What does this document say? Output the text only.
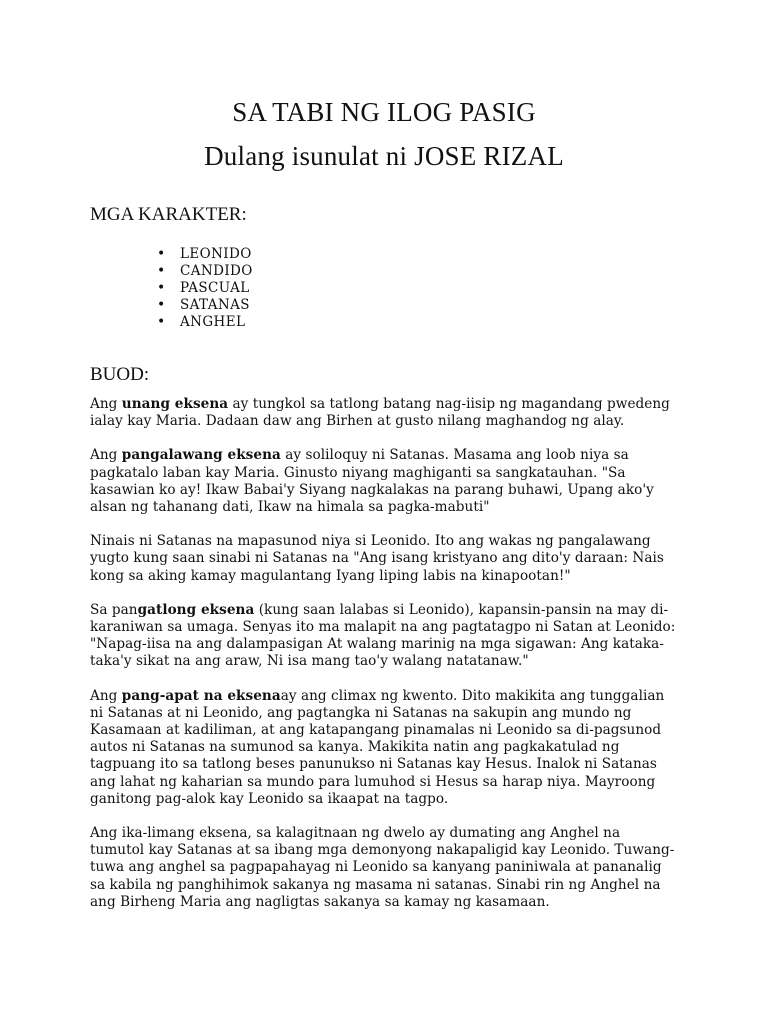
SA TABI NG ILOG PASIG
Dulang isunulat ni JOSE RIZAL
MGA KARAKTER:
• LEONIDO
• CANDIDO
• PASCUAL
• SATANAS
• ANGHEL
BUOD:

Ang unang eksena ay tungkol sa tatlong batang nag-iisip ng magandang pwedeng ialay kay Maria. Dadaan daw ang Birhen at gusto nilang maghandog ng alay.

Ang pangalawang eksena ay soliloquy ni Satanas. Masama ang loob niya sa pagkatalo laban kay Maria. Ginusto niyang maghiganti sa sangkatauhan. "Sa kasawian ko ay! Ikaw Babai'y Siyang nagkalakas na parang buhawi, Upang ako'y alsan ng tahanang dati, Ikaw na himala sa pagka-mabuti"

Ninais ni Satanas na mapasunod niya si Leonido. Ito ang wakas ng pangalawang yugto kung saan sinabi ni Satanas na "Ang isang kristyano ang dito'y daraan: Nais kong sa aking kamay magulantang Iyang liping labis na kinapootan!"

Sa pangatlong eksena (kung saan lalabas si Leonido), kapansin-pansin na may di-karaniwan sa umaga. Senyas ito ma malapit na ang pagtatagpo ni Satan at Leonido: "Napag-iisa na ang dalampasigan At walang marinig na mga sigawan: Ang kataka-taka'y sikat na ang araw, Ni isa mang tao'y walang natatanaw."

Ang pang-apat na eksenaay ang climax ng kwento. Dito makikita ang tunggalian ni Satanas at ni Leonido, ang pagtangka ni Satanas na sakupin ang mundo ng Kasamaan at kadiliman, at ang katapangang pinamalas ni Leonido sa di-pagsunod autos ni Satanas na sumunod sa kanya. Makikita natin ang pagkakatulad ng tagpuang ito sa tatlong beses panunukso ni Satanas kay Hesus. Inalok ni Satanas ang lahat ng kaharian sa mundo para lumuhod si Hesus sa harap niya. Mayroong ganitong pag-alok kay Leonido sa ikaapat na tagpo.

Ang ika-limang eksena, sa kalagitnaan ng dwelo ay dumating ang Anghel na tumutol kay Satanas at sa ibang mga demonyong nakapaligid kay Leonido. Tuwang-tuwa ang anghel sa pagpapahayag ni Leonido sa kanyang paniniwala at pananalig sa kabila ng panghihimok sakanya ng masama ni satanas. Sinabi rin ng Anghel na ang Birheng Maria ang nagligtas sakanya sa kamay ng kasamaan.
